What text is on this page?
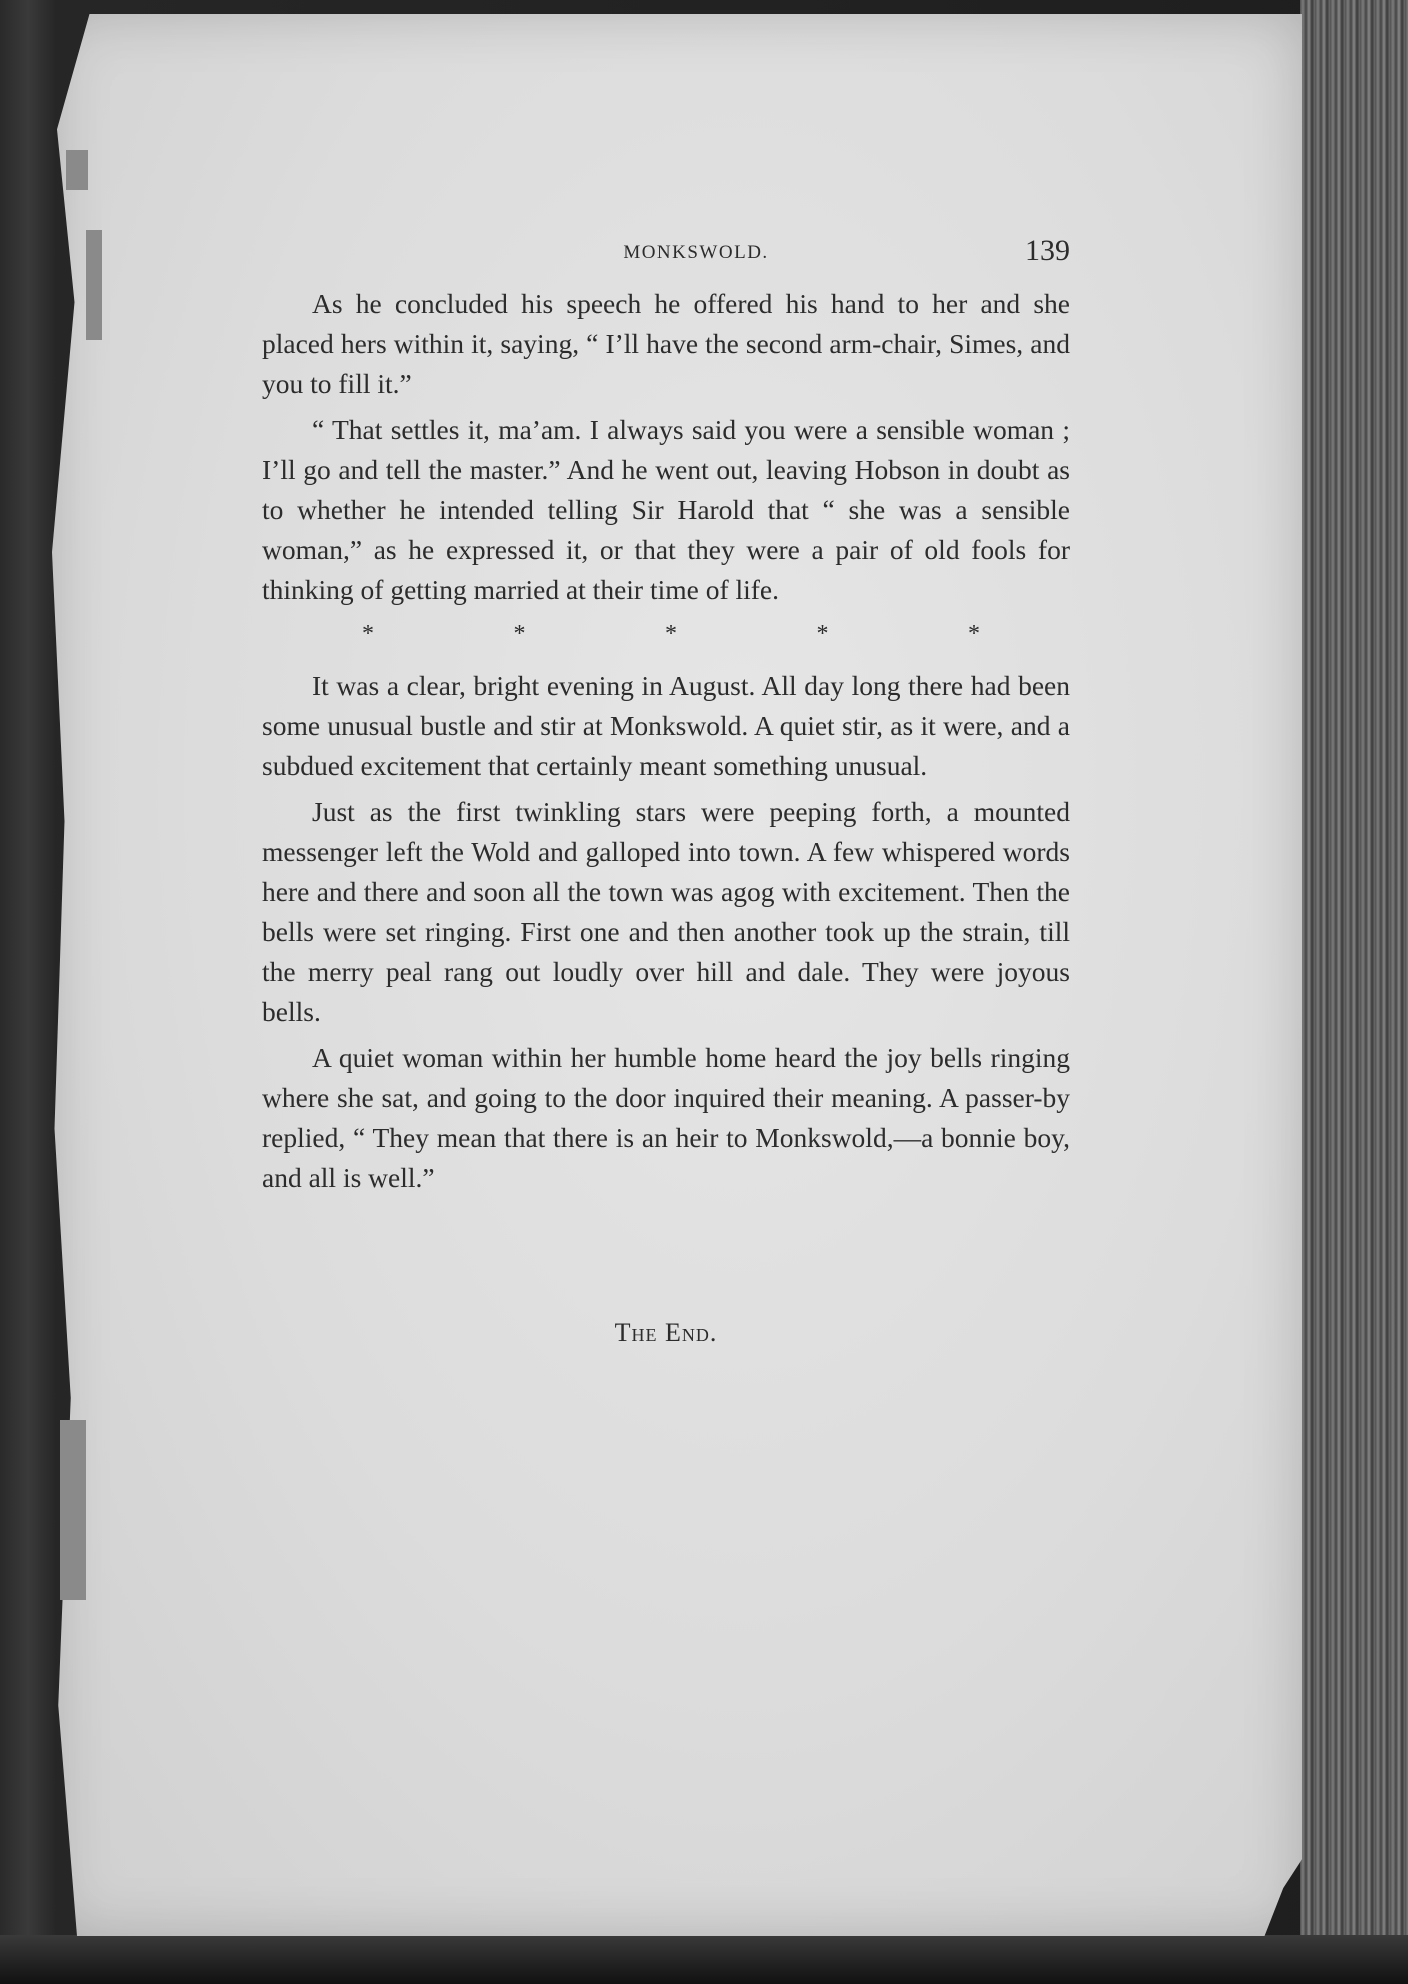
MONKSWOLD.	139

As he concluded his speech he offered his hand to her and she placed hers within it, saying, “ I’ll have the second arm-chair, Simes, and you to fill it.”

“ That settles it, ma’am. I always said you were a sensible woman ; I’ll go and tell the master.” And he went out, leaving Hobson in doubt as to whether he intended telling Sir Harold that “ she was a sensible woman,” as he expressed it, or that they were a pair of old fools for thinking of getting married at their time of life.

*	*	*	*	*

It was a clear, bright evening in August. All day long there had been some unusual bustle and stir at Monkswold. A quiet stir, as it were, and a subdued excitement that certainly meant something unusual.

Just as the first twinkling stars were peeping forth, a mounted messenger left the Wold and galloped into town. A few whispered words here and there and soon all the town was agog with excitement. Then the bells were set ringing. First one and then another took up the strain, till the merry peal rang out loudly over hill and dale. They were joyous bells.

A quiet woman within her humble home heard the joy bells ringing where she sat, and going to the door inquired their meaning. A passer-by replied, “ They mean that there is an heir to Monkswold,—a bonnie boy, and all is well.”

The End.
